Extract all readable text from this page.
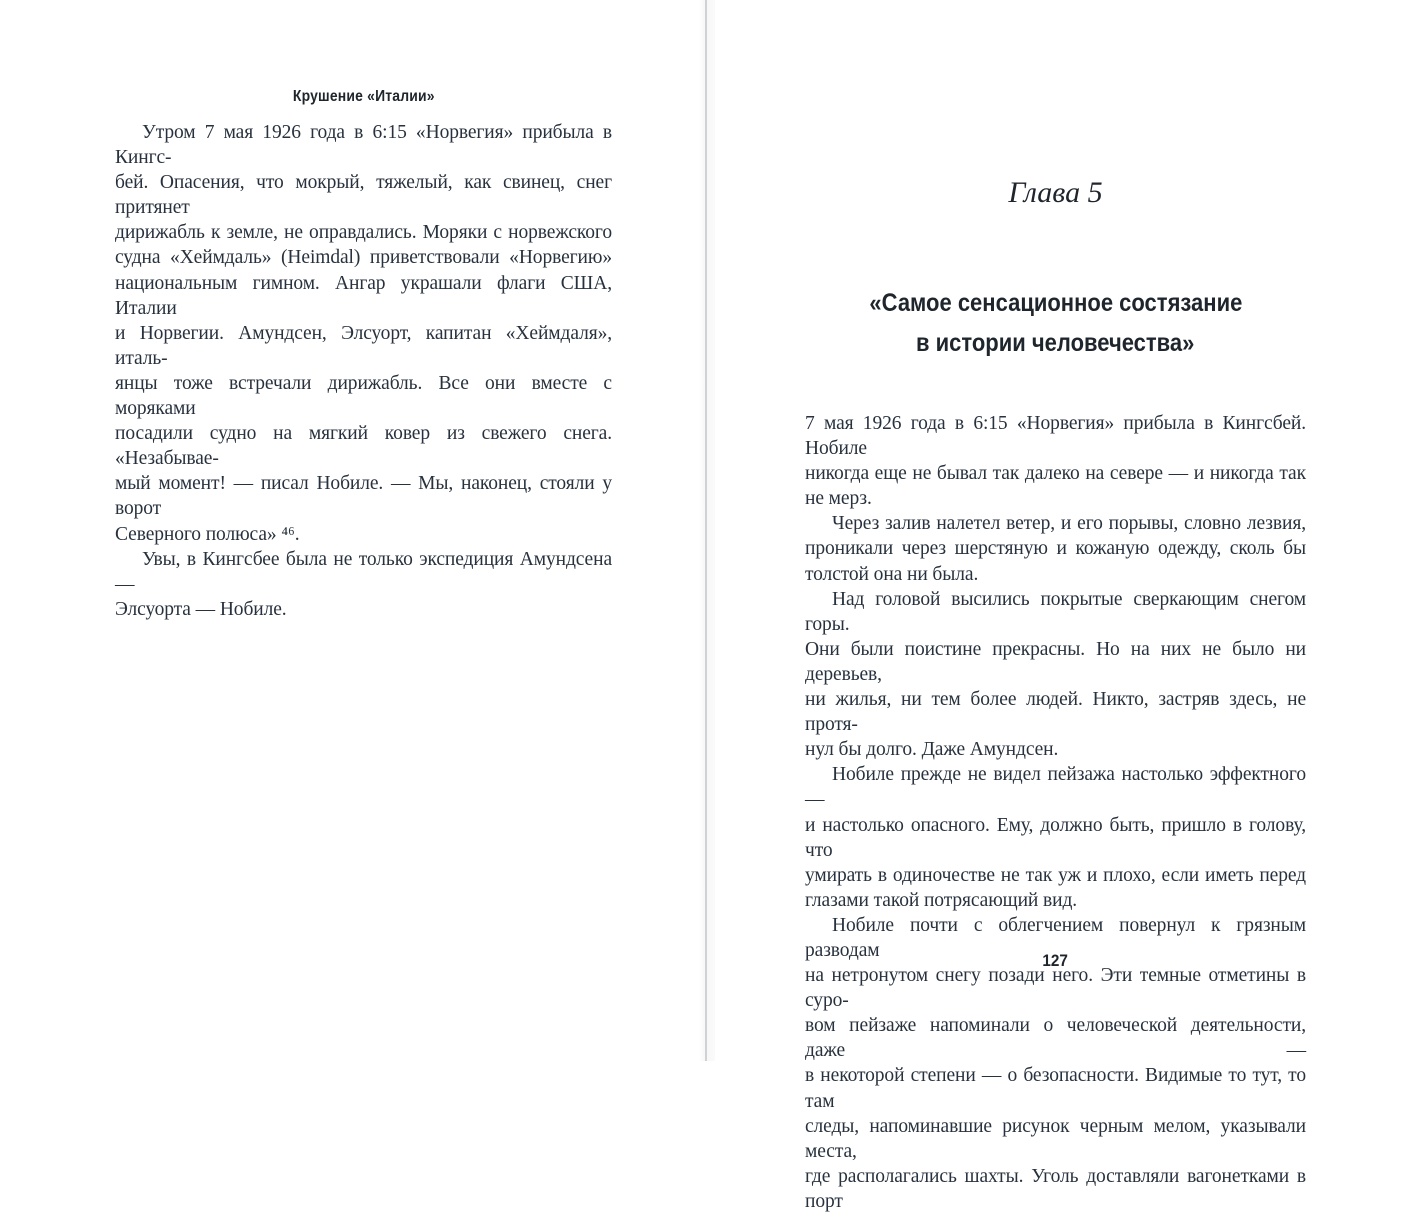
Крушение «Италии»
Утром 7 мая 1926 года в 6:15 «Норвегия» прибыла в Кингс-
бей. Опасения, что мокрый, тяжелый, как свинец, снег притянет
дирижабль к земле, не оправдались. Моряки с норвежского
судна «Хеймдаль» (Heimdal) приветствовали «Норвегию»
национальным гимном. Ангар украшали флаги США, Италии
и Норвегии. Амундсен, Элсуорт, капитан «Хеймдаля», италь-
янцы тоже встречали дирижабль. Все они вместе с моряками
посадили судно на мягкий ковер из свежего снега. «Незабывае-
мый момент! — писал Нобиле. — Мы, наконец, стояли у ворот
Северного полюса» ⁴⁶.
Увы, в Кингсбее была не только экспедиция Амундсена —
Элсуорта — Нобиле.
Глава 5
«Самое сенсационное состязание
в истории человечества»
7 мая 1926 года в 6:15 «Норвегия» прибыла в Кингсбей. Нобиле
никогда еще не бывал так далеко на севере — и никогда так
не мерз.
Через залив налетел ветер, и его порывы, словно лезвия,
проникали через шерстяную и кожаную одежду, сколь бы
толстой она ни была.
Над головой высились покрытые сверкающим снегом горы.
Они были поистине прекрасны. Но на них не было ни деревьев,
ни жилья, ни тем более людей. Никто, застряв здесь, не протя-
нул бы долго. Даже Амундсен.
Нобиле прежде не видел пейзажа настолько эффектного —
и настолько опасного. Ему, должно быть, пришло в голову, что
умирать в одиночестве не так уж и плохо, если иметь перед
глазами такой потрясающий вид.
Нобиле почти с облегчением повернул к грязным разводам
на нетронутом снегу позади него. Эти темные отметины в суро-
вом пейзаже напоминали о человеческой деятельности, даже —
в некоторой степени — о безопасности. Видимые то тут, то там
следы, напоминавшие рисунок черным мелом, указывали места,
где располагались шахты. Уголь доставляли вагонетками в порт
127
